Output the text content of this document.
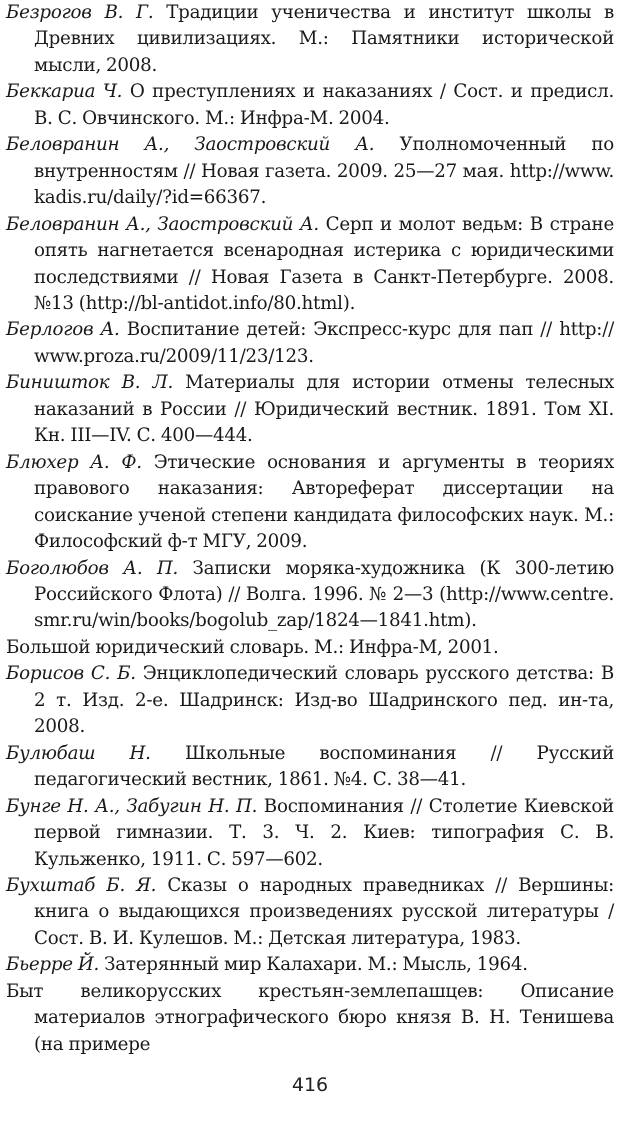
Безрогов В. Г. Традиции ученичества и институт школы в Древних цивилизациях. М.​: Памятники исторической мысли, 2008.

Беккариа Ч. О преступлениях и наказаниях / Сост. и предисл. В. С. Овчинского. М.​: Инфра-​М. 2004.

Беловранин А.​, Заостровский А. Уполномоченный по внутренностям /​/ Новая газета. 2009. 25—​27 мая. http:/​/​www.​kadis.​ru/​daily/​?id=​66367.

Беловранин А.​, Заостровский А. Серп и молот ведьм: В стране опять нагнетается всенародная истерика с юридическими последствиями /​/ Новая Газета в Санкт-​Петербурге. 2008. №13 (http:/​/​bl-​antidot.​info/​80.​html).

Берлогов А. Воспитание детей: Экспресс-​курс для пап /​/ http:/​/​www.​proza.​ru/​2009/​11/​23/​123.

Биништок В. Л. Материалы для истории отмены телесных наказаний в России /​/ Юридический вестник. 1891. Том XI. Кн. III—​IV. С. 400—​444.

Блюхер А. Ф. Этические основания и аргументы в теориях правового наказания: Автореферат диссертации на соискание ученой степени кандидата философских наук. М.​: Философский ф-​т МГУ, 2009.

Боголюбов А. П. Записки моряка-​художника (К 300-​летию Российского Флота) /​/ Волга. 1996. № 2—​3 (http:/​/​www.​centre.​smr.​ru/​win/​books/​bogolub_zap/​1824—​1841.​htm).

Большой юридический словарь. М.​: Инфра-​М, 2001.

Борисов С. Б. Энциклопедический словарь русского детства: В 2 т. Изд. 2-​е. Шадринск: Изд-​во Шадринского пед. ин-​та, 2008.

Булюбаш Н. Школьные воспоминания /​/ Русский педагогический вестник, 1861. №4. С. 38—​41.

Бунге Н. А.​, Забугин Н. П. Воспоминания /​/ Столетие Киевской первой гимназии. Т. 3. Ч. 2. Киев: типография С. В. Кульженко, 1911. С. 597—​602.

Бухштаб Б. Я. Сказы о народных праведниках /​/ Вершины: книга о выдающихся произведениях русской литературы / Сост. В. И. Кулешов. М.​: Детская литература, 1983.

Бьерре Й. Затерянный мир Калахари. М.​: Мысль, 1964.

Быт великорусских крестьян-​землепашцев: Описание материалов этнографического бюро князя В. Н. Тенишева (на примере

416
